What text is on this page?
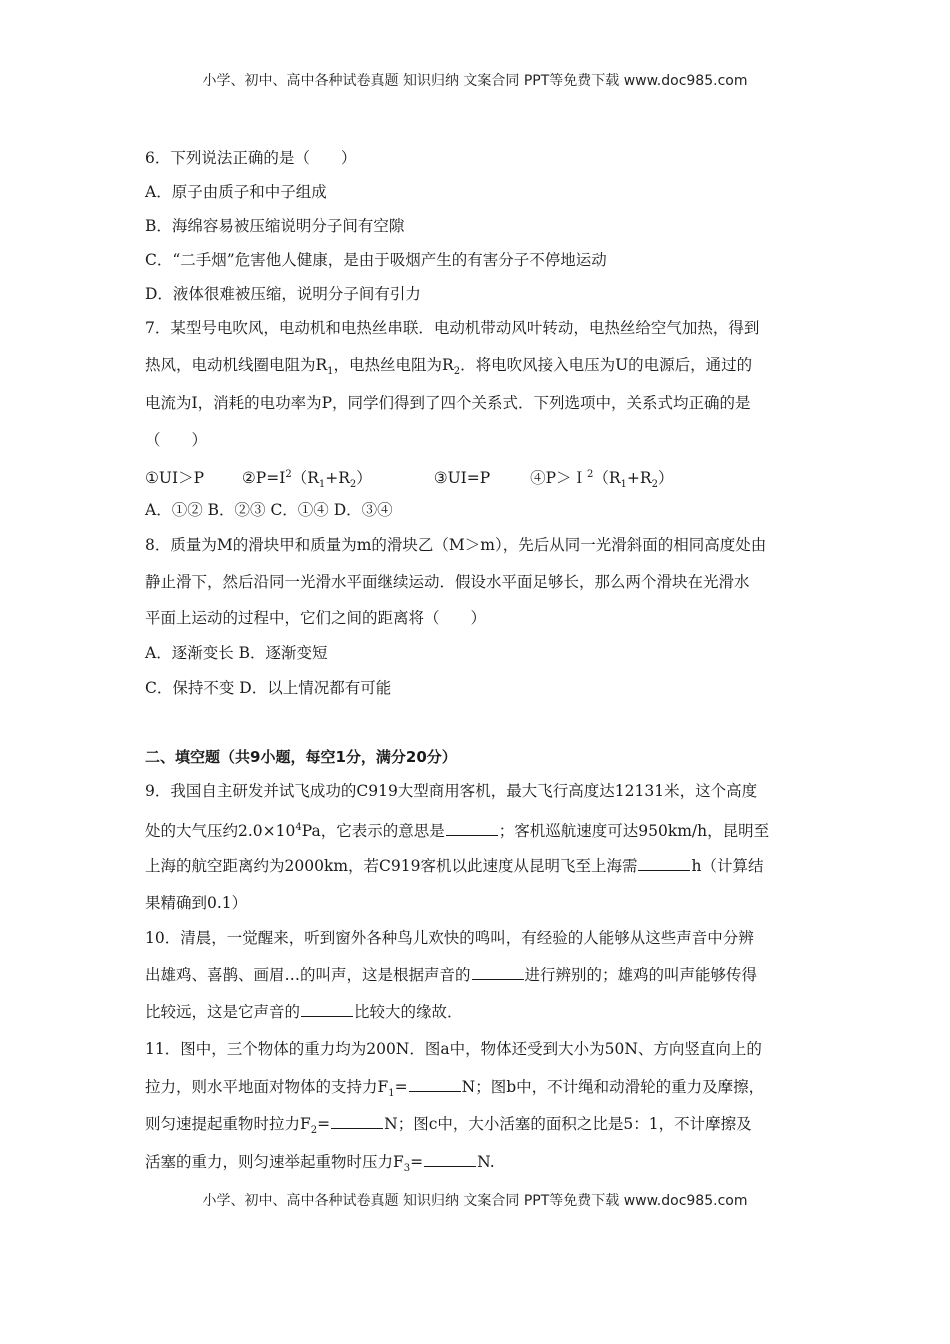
小学、初中、高中各种试卷真题 知识归纳 文案合同 PPT等免费下载 www.doc985.com
6．下列说法正确的是（　　）
A．原子由质子和中子组成
B．海绵容易被压缩说明分子间有空隙
C．“二手烟”危害他人健康，是由于吸烟产生的有害分子不停地运动
D．液体很难被压缩，说明分子间有引力
7．某型号电吹风，电动机和电热丝串联．电动机带动风叶转动，电热丝给空气加热，得到
热风，电动机线圈电阻为$R_1$，电热丝电阻为$R_2$．将电吹风接入电压为U的电源后，通过的
电流为I，消耗的电功率为P，同学们得到了四个关系式．下列选项中，关系式均正确的是
（　　）
①UI＞P $②P=I^2(R_1+R_2)$	③UI=P	$④P>I^2(R_1+R_2)$
A．①② B．②③ C．①④ D．③④
8．质量为M的滑块甲和质量为m的滑块乙（M＞m），先后从同一光滑斜面的相同高度处由
静止滑下，然后沿同一光滑水平面继续运动．假设水平面足够长，那么两个滑块在光滑水
平面上运动的过程中，它们之间的距离将（　　）
A．逐渐变长 B．逐渐变短
C．保持不变 D．以上情况都有可能
二、填空题（共9小题，每空1分，满分20分）
9．我国自主研发并试飞成功的C919大型商用客机，最大飞行高度达12131米，这个高度
处的大气压约$2.0\times 10^4Pa$，它表示的意思是	；客机巡航速度可达950km/h，昆明至
上海的航空距离约为2000km，若C919客机以此速度从昆明飞至上海需	h（计算结
果精确到0.1）
10．清晨，一觉醒来，听到窗外各种鸟儿欢快的鸣叫，有经验的人能够从这些声音中分辨
出雄鸡、喜鹊、画眉…的叫声，这是根据声音的	进行辨别的；雄鸡的叫声能够传得
比较远，这是它声音的	比较大的缘故．
11．图中，三个物体的重力均为200N．图a中，物体还受到大小为50N、方向竖直向上的
拉力，则水平地面对物体的支持力$F_1=$	N；图b中，不计绳和动滑轮的重力及摩擦，
则匀速提起重物时拉力$F_2=$	N；图c中，大小活塞的面积之比是5：1，不计摩擦及
活塞的重力，则匀速举起重物时压力$F_3=$	N.
小学、初中、高中各种试卷真题 知识归纳 文案合同 PPT等免费下载 www.doc985.com
